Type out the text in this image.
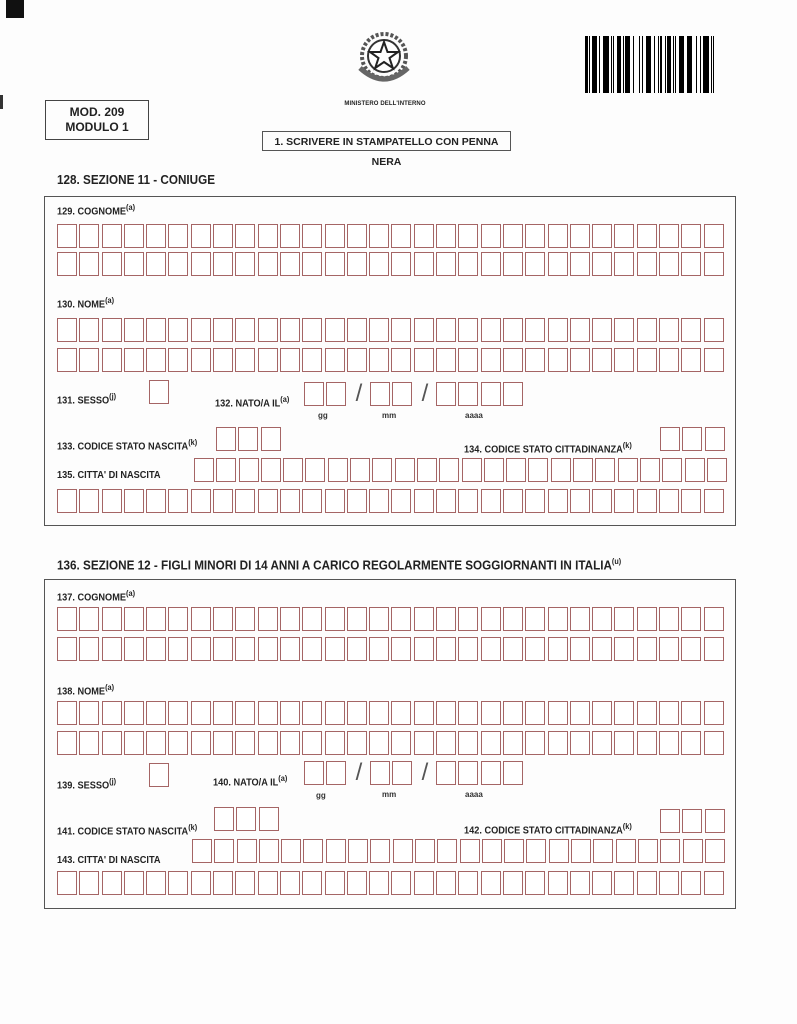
MOD. 209
MODULO 1
MINISTERO DELL'INTERNO
1. SCRIVERE IN STAMPATELLO CON PENNA NERA
128. SEZIONE 11 - CONIUGE
129. COGNOME$^{(a)}$
130. NOME$^{(a)}$
131. SESSO$^{(j)}$
132. NATO/A IL$^{(a)}$	/ /
gg	mm	aaaa
133. CODICE STATO NASCITA$^{(k)}$
134. CODICE STATO CITTADINANZA$^{(k)}$
135. CITTA' DI NASCITA
136. SEZIONE 12 - FIGLI MINORI DI 14 ANNI A CARICO REGOLARMENTE SOGGIORNANTI IN ITALIA$^{(u)}$
137. COGNOME$^{(a)}$
138. NOME$^{(a)}$
139. SESSO$^{(j)}$	140. NATO/A IL$^{(a)}$	/ /
gg	mm	aaaa
141. CODICE STATO NASCITA$^{(k)}$	142. CODICE STATO CITTADINANZA$^{(k)}$
143. CITTA' DI NASCITA
